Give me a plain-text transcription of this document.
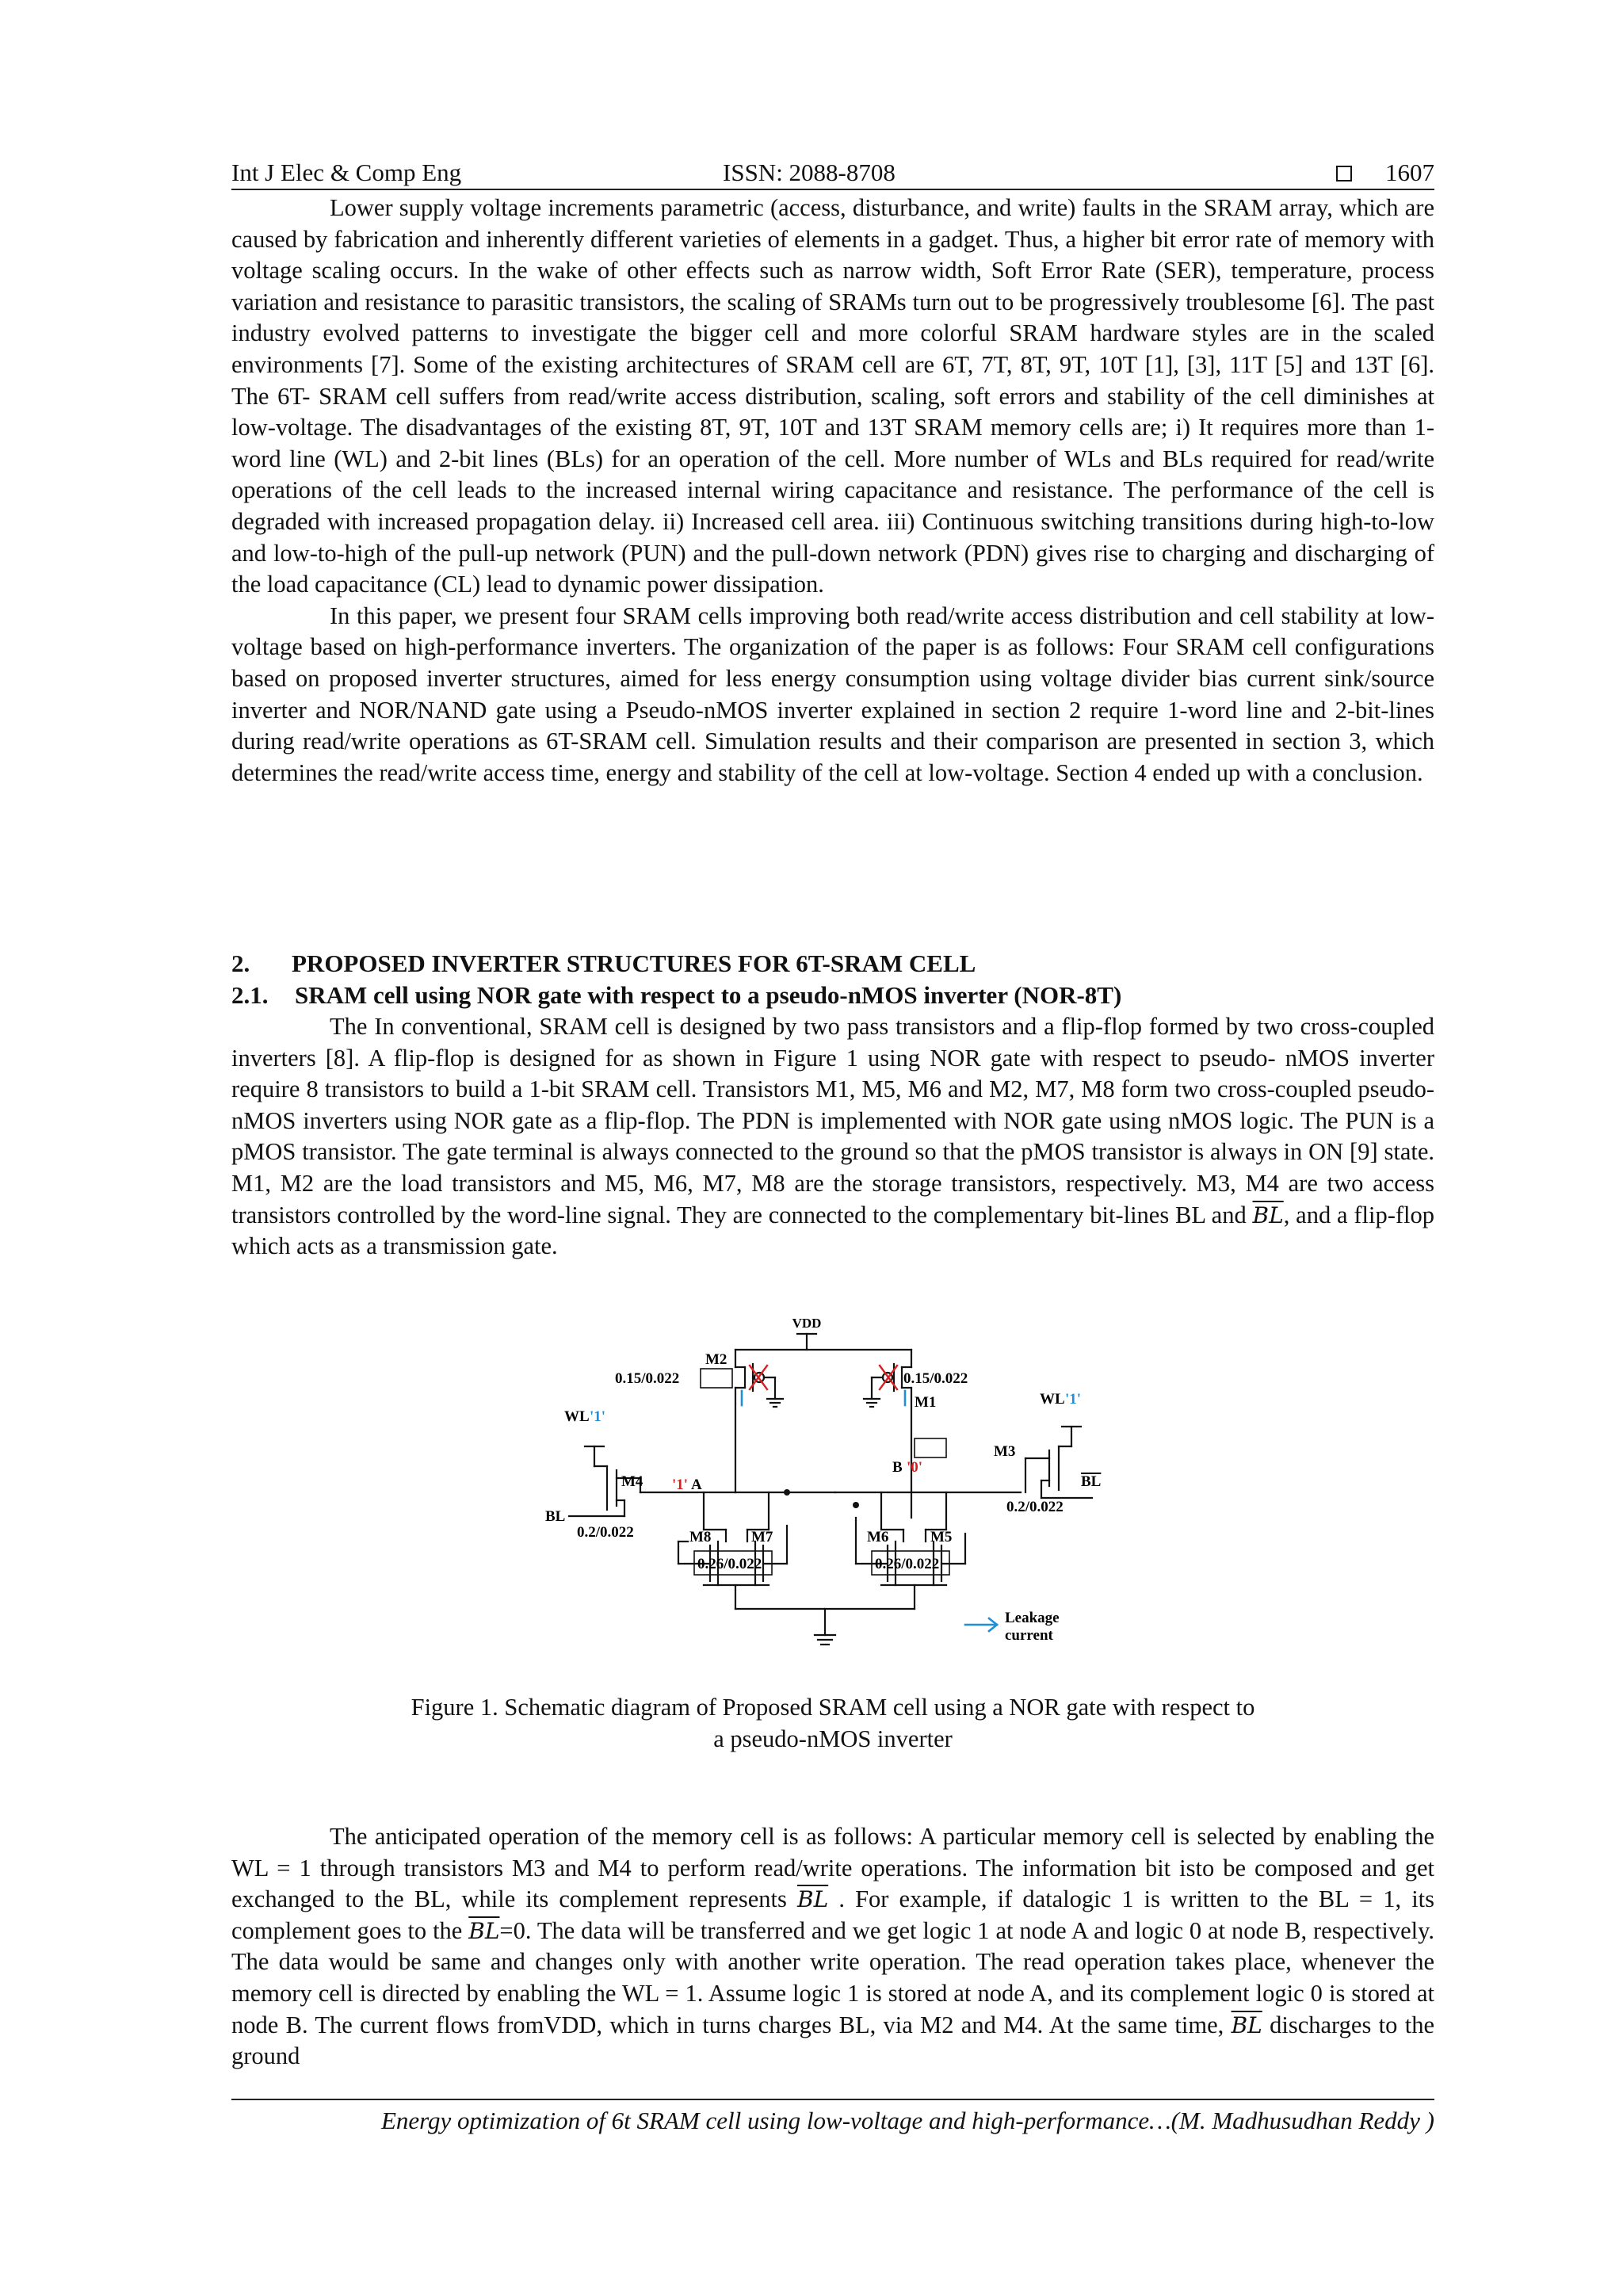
Int J Elec & Comp Eng	ISSN: 2088-8708	1607

Lower supply voltage increments parametric (access, disturbance, and write) faults in the SRAM array, which are caused by fabrication and inherently different varieties of elements in a gadget. Thus, a higher bit error rate of memory with voltage scaling occurs. In the wake of other effects such as narrow width, Soft Error Rate (SER), temperature, process variation and resistance to parasitic transistors, the scaling of SRAMs turn out to be progressively troublesome [6]. The past industry evolved patterns to investigate the bigger cell and more colorful SRAM hardware styles are in the scaled environments [7]. Some of the existing architectures of SRAM cell are 6T, 7T, 8T, 9T, 10T [1], [3], 11T [5] and 13T [6]. The 6T- SRAM cell suffers from read/write access distribution, scaling, soft errors and stability of the cell diminishes at low-voltage. The disadvantages of the existing 8T, 9T, 10T and 13T SRAM memory cells are; i) It requires more than 1-word line (WL) and 2-bit lines (BLs) for an operation of the cell. More number of WLs and BLs required for read/write operations of the cell leads to the increased internal wiring capacitance and resistance. The performance of the cell is degraded with increased propagation delay. ii) Increased cell area. iii) Continuous switching transitions during high-to-low and low-to-high of the pull-up network (PUN) and the pull-down network (PDN) gives rise to charging and discharging of the load capacitance (CL) lead to dynamic power dissipation.

In this paper, we present four SRAM cells improving both read/write access distribution and cell stability at low-voltage based on high-performance inverters. The organization of the paper is as follows: Four SRAM cell configurations based on proposed inverter structures, aimed for less energy consumption using voltage divider bias current sink/source inverter and NOR/NAND gate using a Pseudo-nMOS inverter explained in section 2 require 1-word line and 2-bit-lines during read/write operations as 6T-SRAM cell. Simulation results and their comparison are presented in section 3, which determines the read/write access time, energy and stability of the cell at low-voltage. Section 4 ended up with a conclusion.

2. PROPOSED INVERTER STRUCTURES FOR 6T-SRAM CELL
2.1. SRAM cell using NOR gate with respect to a pseudo-nMOS inverter (NOR-8T)

The In conventional, SRAM cell is designed by two pass transistors and a flip-flop formed by two cross-coupled inverters [8]. A flip-flop is designed for as shown in Figure 1 using NOR gate with respect to pseudo- nMOS inverter require 8 transistors to build a 1-bit SRAM cell. Transistors M1, M5, M6 and M2, M7, M8 form two cross-coupled pseudo-nMOS inverters using NOR gate as a flip-flop. The PDN is implemented with NOR gate using nMOS logic. The PUN is a pMOS transistor. The gate terminal is always connected to the ground so that the pMOS transistor is always in ON [9] state. M1, M2 are the load transistors and M5, M6, M7, M8 are the storage transistors, respectively. M3, M4 are two access transistors controlled by the word-line signal. They are connected to the complementary bit-lines BL and $\overline{BL}$, and a flip-flop which acts as a transmission gate.

VDD
M2
0.15/0.022	0.15/0.022
M1
WL '1'
WL '1'
M4
M3
BL
BL
0.2/0.022
0.2/0.022
'1' A
B '0'
M8	M7	M6	M5
0.26/0.022	0.26/0.022
Leakage
current
Figure 1. Schematic diagram of Proposed SRAM cell using a NOR gate with respect to
a pseudo-nMOS inverter

The anticipated operation of the memory cell is as follows: A particular memory cell is selected by enabling the WL = 1 through transistors M3 and M4 to perform read/write operations. The information bit isto be composed and get exchanged to the BL, while its complement represents $\overline{BL}$ . For example, if datalogic 1 is written to the BL = 1, its complement goes to the $\overline{BL}=0$. The data will be transferred and we get logic 1 at node A and logic 0 at node B, respectively. The data would be same and changes only with another write operation. The read operation takes place, whenever the memory cell is directed by enabling the WL = 1. Assume logic 1 is stored at node A, and its complement logic 0 is stored at node B. The current flows fromVDD, which in turns charges BL, via M2 and M4. At the same time, $\overline{BL}$ discharges to the ground

Energy optimization of 6t SRAM cell using low-voltage and high-performance…(M. Madhusudhan Reddy )
